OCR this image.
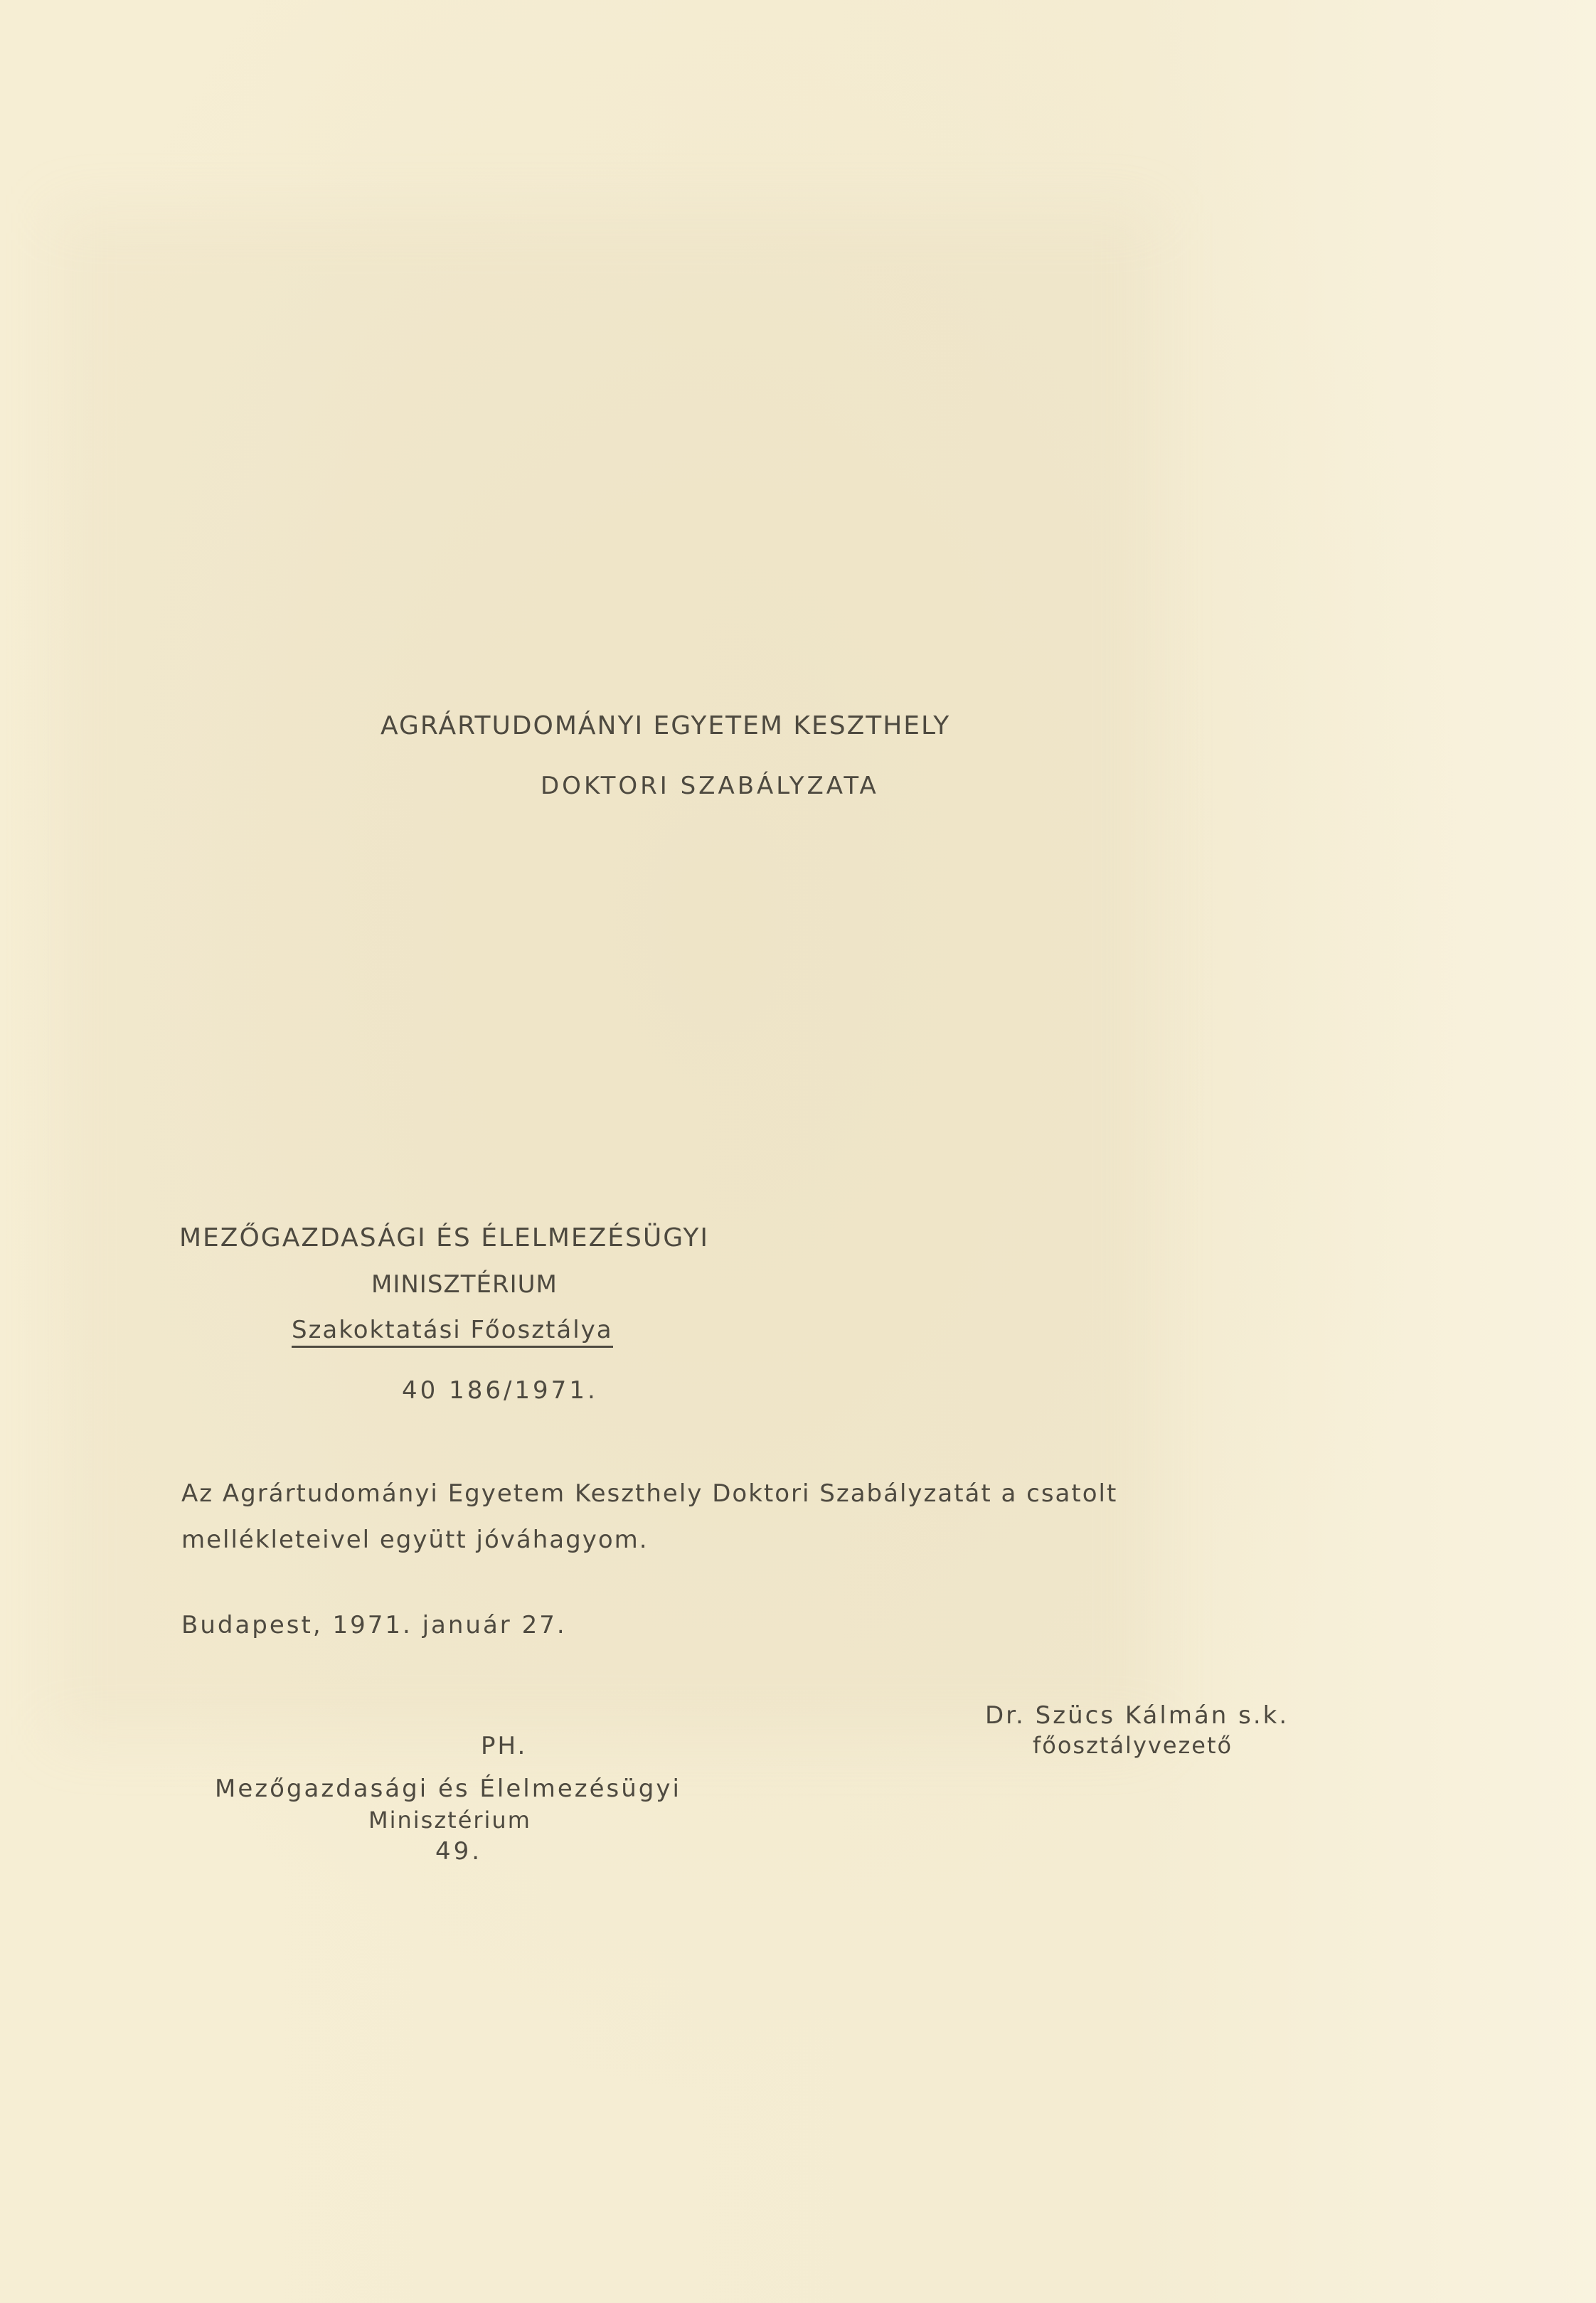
AGRÁRTUDOMÁNYI EGYETEM KESZTHELY
DOKTORI SZABÁLYZATA
MEZŐGAZDASÁGI ÉS ÉLELMEZÉSÜGYI
MINISZTÉRIUM
Szakoktatási Főosztálya
40 186/1971.
Az Agrártudományi Egyetem Keszthely Doktori Szabályzatát a csatolt
mellékleteivel együtt jóváhagyom.
Budapest, 1971. január 27.
PH.
Dr. Szücs Kálmán s.k.
főosztályvezető
Mezőgazdasági és Élelmezésügyi
Minisztérium
49.
